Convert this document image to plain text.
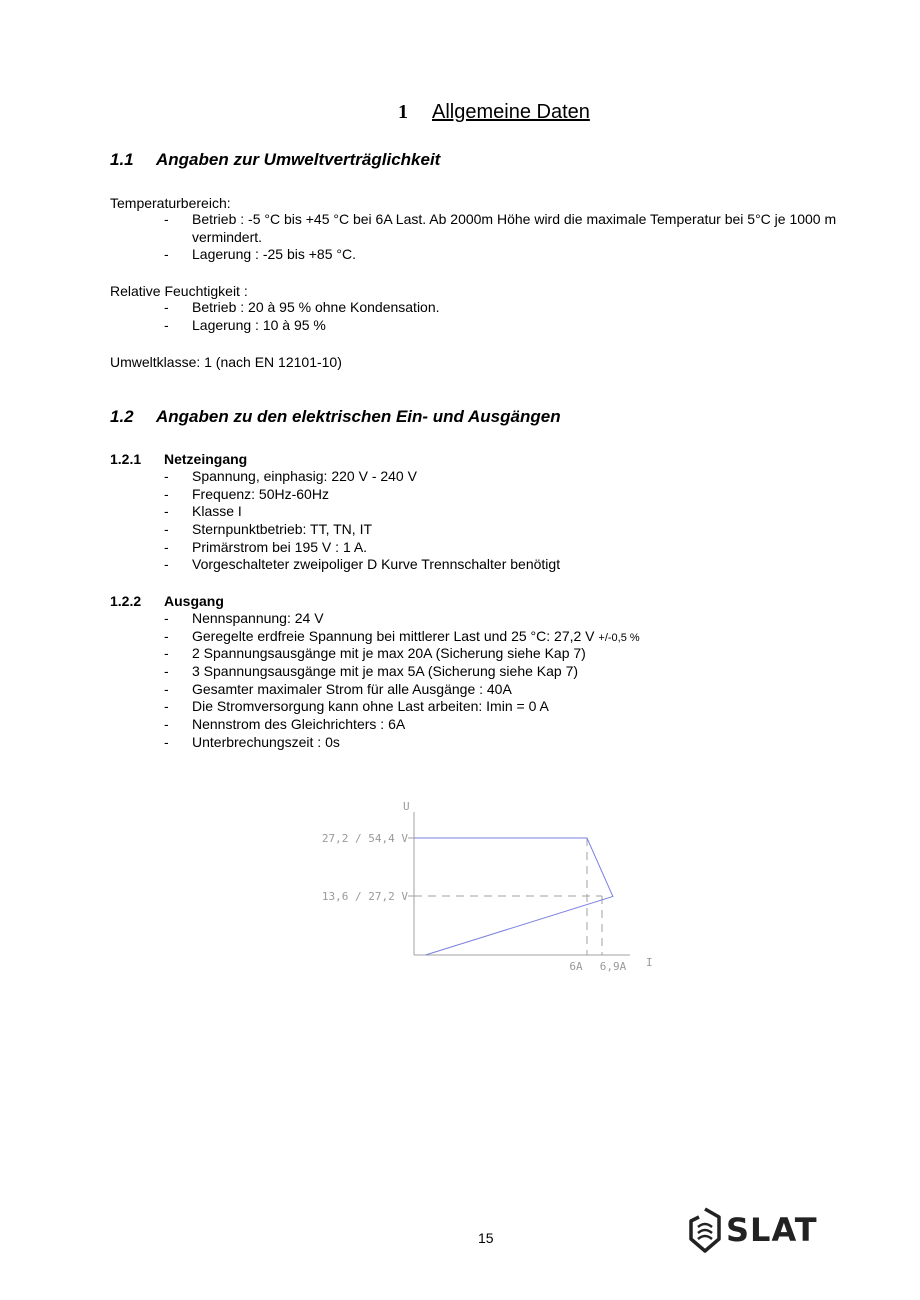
1 Allgemeine Daten
1.1 Angaben zur Umweltverträglichkeit
Temperaturbereich:
- Betrieb : -5 °C bis +45 °C bei 6A Last. Ab 2000m Höhe wird die maximale Temperatur bei 5°C je 1000 m vermindert.
- Lagerung : -25 bis +85 °C.
Relative Feuchtigkeit :
- Betrieb : 20 à 95 % ohne Kondensation.
- Lagerung : 10 à 95 %
Umweltklasse: 1 (nach EN 12101-10)
1.2 Angaben zu den elektrischen Ein- und Ausgängen
1.2.1 Netzeingang
- Spannung, einphasig: 220 V - 240 V
- Frequenz: 50Hz-60Hz
- Klasse I
- Sternpunktbetrieb: TT, TN, IT
- Primärstrom bei 195 V : 1 A.
- Vorgeschalteter zweipoliger D Kurve Trennschalter benötigt
1.2.2 Ausgang
- Nennspannung: 24 V
- Geregelte erdfreie Spannung bei mittlerer Last und 25 °C: 27,2 V +/-0,5 %
- 2 Spannungsausgänge mit je max 20A (Sicherung siehe Kap 7)
- 3 Spannungsausgänge mit je max 5A (Sicherung siehe Kap 7)
- Gesamter maximaler Strom für alle Ausgänge : 40A
- Die Stromversorgung kann ohne Last arbeiten: Imin = 0 A
- Nennstrom des Gleichrichters : 6A
- Unterbrechungszeit : 0s
U
27,2 / 54,4 V
13,6 / 27,2 V
6A 6,9A I
15	SLAT
